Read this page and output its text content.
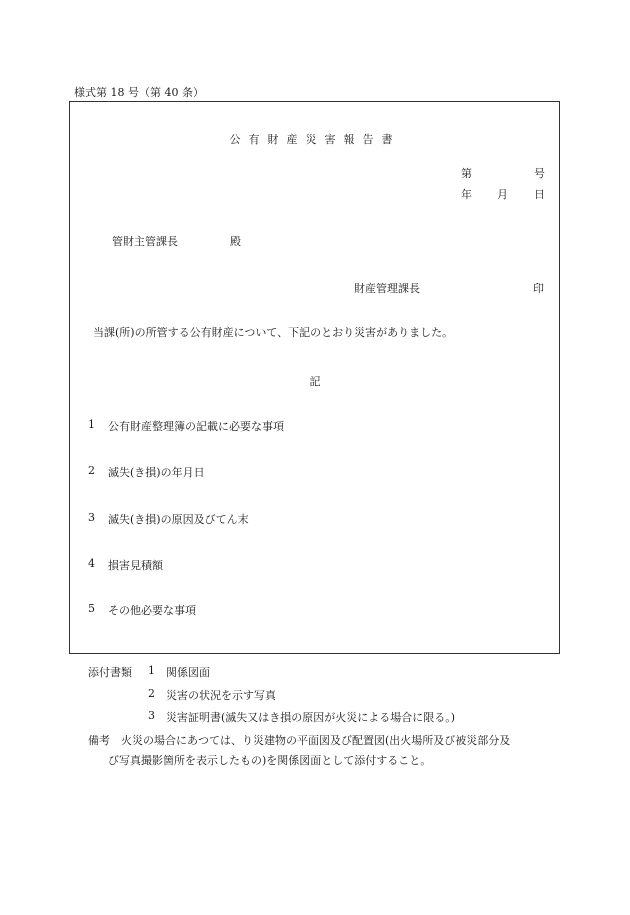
様式第 18 号（第 40 条）
公有財産災害報告書
第	号
年 月 日
管財主管課長	殿
財産管理課長	印
当課(所)の所管する公有財産について、下記のとおり災害がありました。
記
1 公有財産整理簿の記載に必要な事項
2 滅失(き損)の年月日
3 滅失(き損)の原因及びてん末
4 損害見積額
5 その他必要な事項
添付書類 1 関係図面
2 災害の状況を示す写真
3 災害証明書(滅失又はき損の原因が火災による場合に限る。)
備考　火災の場合にあつては、り災建物の平面図及び配置図(出火場所及び被災部分及
び写真撮影箇所を表示したもの)を関係図面として添付すること。
